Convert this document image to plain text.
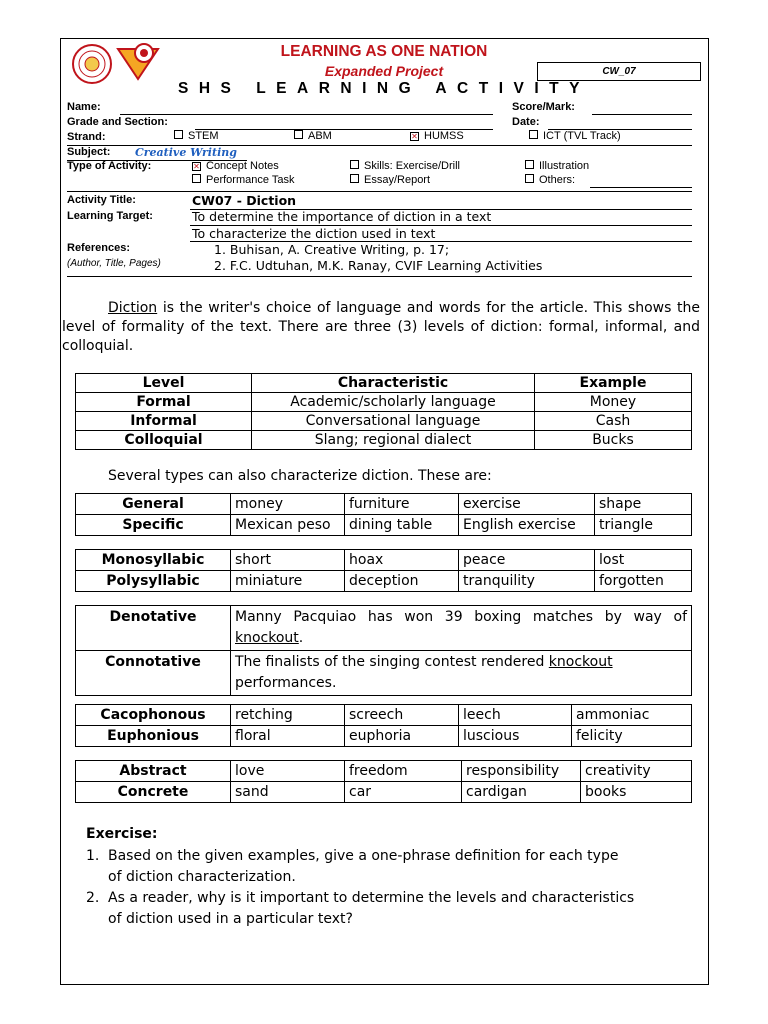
LEARNING AS ONE NATION
Expanded Project
SHS LEARNING ACTIVITY
CW_07
Name:	Score/Mark:
Grade and Section:	Date:
Strand:	STEM	ABM	✕ HUMSS	ICT (TVL Track)
Subject: Creative Writing
Type of Activity:	✕ Concept Notes	Skills: Exercise/Drill	Illustration
Performance Task	Essay/Report	Others:
Activity Title:	CW07 - Diction
Learning Target:	To determine the importance of diction in a text
To characterize the diction used in text
References:
(Author, Title, Pages)
1. Buhisan, A. Creative Writing, p. 17;
2. F.C. Udtuhan, M.K. Ranay, CVIF Learning Activities
Diction is the writer's choice of language and words for the article. This shows the level of formality of the text. There are three (3) levels of diction: formal, informal, and colloquial.
Level	Characteristic	Example
Formal	Academic/scholarly language	Money
Informal	Conversational language	Cash
Colloquial	Slang; regional dialect	Bucks
Several types can also characterize diction. These are:
General	money	furniture	exercise	shape
Specific	Mexican peso	dining table	English exercise	triangle
Monosyllabic	short	hoax	peace	lost
Polysyllabic	miniature	deception	tranquility	forgotten
Denotative	Manny Pacquiao has won 39 boxing matches by way of knockout.
Connotative	The finalists of the singing contest rendered knockout performances.
Cacophonous	retching	screech	leech	ammoniac
Euphonious	floral	euphoria	luscious	felicity
Abstract	love	freedom	responsibility	creativity
Concrete	sand	car	cardigan	books
Exercise:
1. Based on the given examples, give a one-phrase definition for each type
of diction characterization.
2. As a reader, why is it important to determine the levels and characteristics
of diction used in a particular text?
